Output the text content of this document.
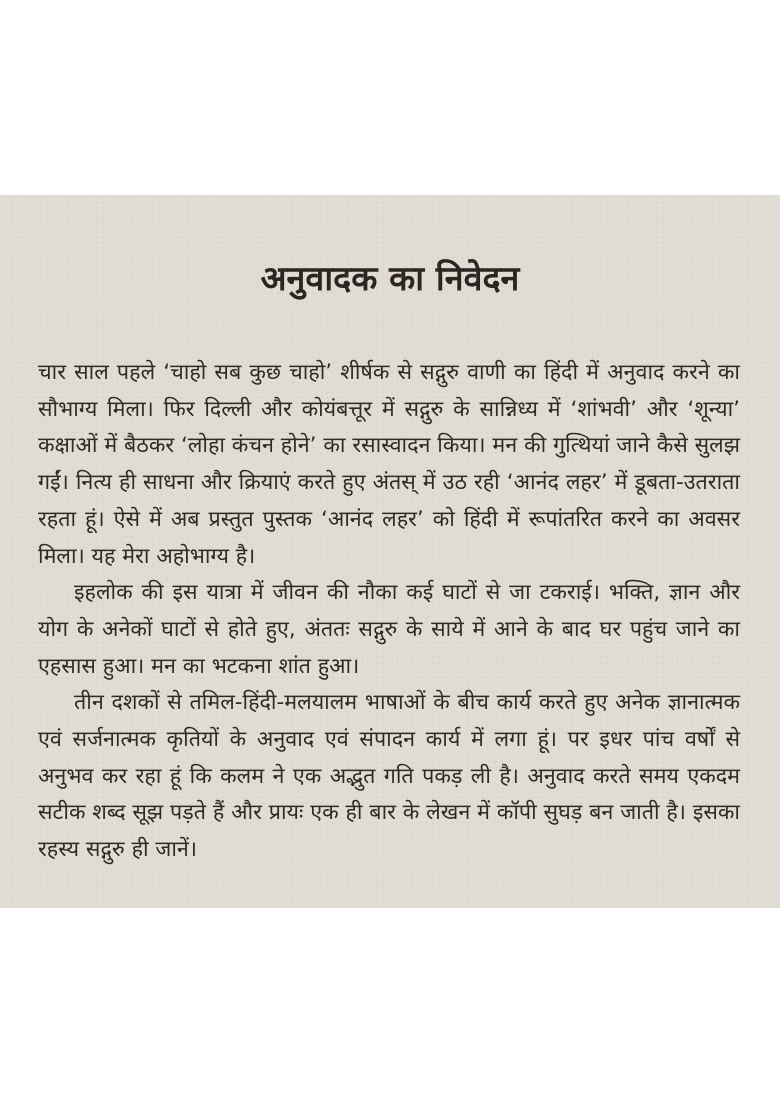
अनुवादक का निवेदन

चार साल पहले ‘चाहो सब कुछ चाहो’ शीर्षक से सद्गुरु वाणी का हिंदी में अनुवाद करने का सौभाग्य मिला। फिर दिल्ली और कोयंबत्तूर में सद्गुरु के सान्निध्य में ‘शांभवी’ और ‘शून्या’ कक्षाओं में बैठकर ‘लोहा कंचन होने’ का रसास्वादन किया। मन की गुत्थियां जाने कैसे सुलझ गईं। नित्य ही साधना और क्रियाएं करते हुए अंतस् में उठ रही ‘आनंद लहर’ में डूबता-उतराता रहता हूं। ऐसे में अब प्रस्तुत पुस्तक ‘आनंद लहर’ को हिंदी में रूपांतरित करने का अवसर मिला। यह मेरा अहोभाग्य है।

इहलोक की इस यात्रा में जीवन की नौका कई घाटों से जा टकराई। भक्ति, ज्ञान और योग के अनेकों घाटों से होते हुए, अंततः सद्गुरु के साये में आने के बाद घर पहुंच जाने का एहसास हुआ। मन का भटकना शांत हुआ।

तीन दशकों से तमिल-हिंदी-मलयालम भाषाओं के बीच कार्य करते हुए अनेक ज्ञानात्मक एवं सर्जनात्मक कृतियों के अनुवाद एवं संपादन कार्य में लगा हूं। पर इधर पांच वर्षों से अनुभव कर रहा हूं कि कलम ने एक अद्भुत गति पकड़ ली है। अनुवाद करते समय एकदम सटीक शब्द सूझ पड़ते हैं और प्रायः एक ही बार के लेखन में कॉपी सुघड़ बन जाती है। इसका रहस्य सद्गुरु ही जानें।
